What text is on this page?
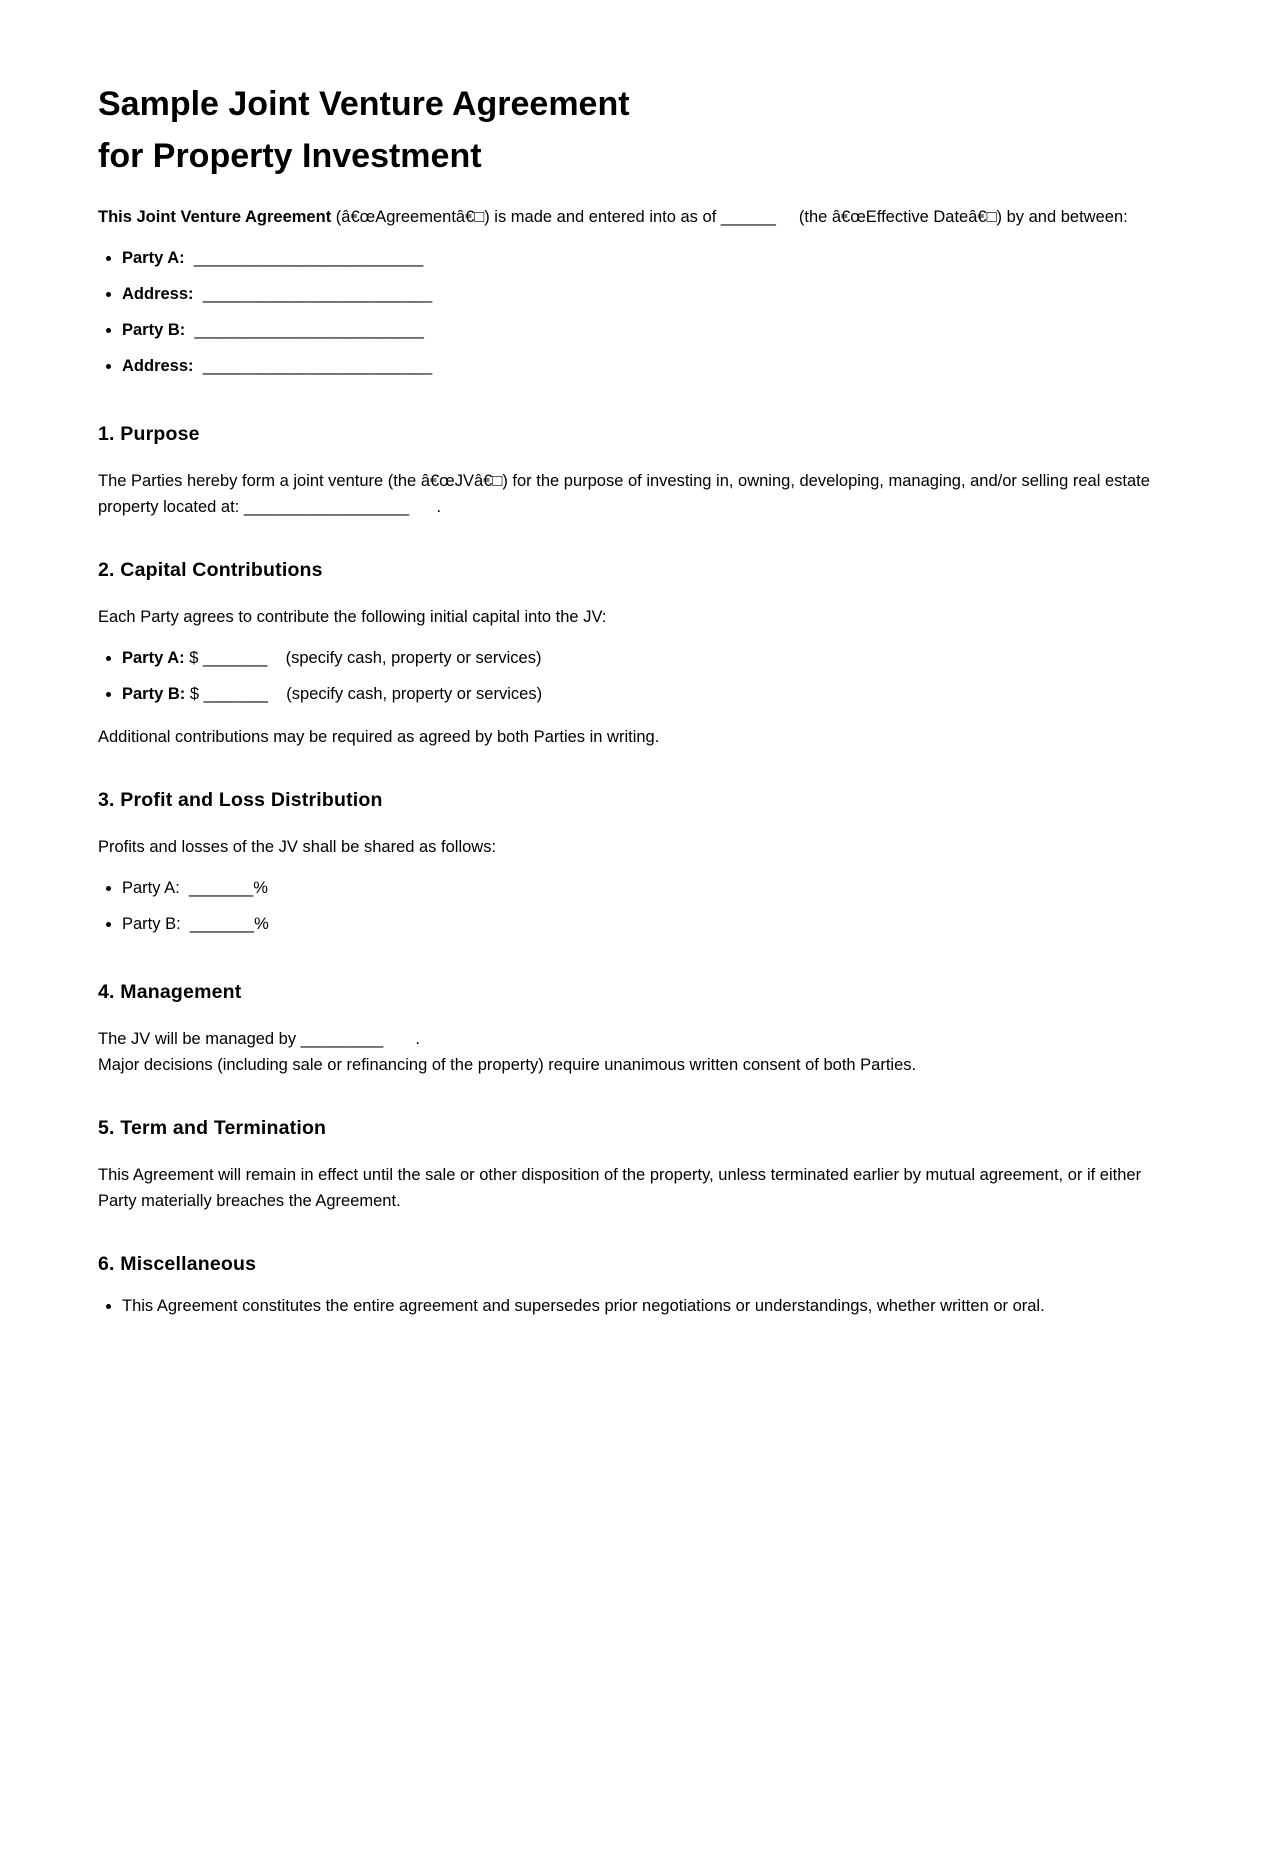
Sample Joint Venture Agreement
for Property Investment

This Joint Venture Agreement (â€œAgreementâ€□) is made and entered into as of ______ (the â€œEffective Dateâ€□) by and between:

• Party A: _________________________
• Address: _________________________
• Party B: _________________________
• Address: _________________________
1. Purpose

The Parties hereby form a joint venture (the â€œJVâ€□) for the purpose of investing in, owning, developing, managing, and/or selling real estate property located at: __________________ .

2. Capital Contributions

Each Party agrees to contribute the following initial capital into the JV:

• Party A: $ _______ (specify cash, property or services)
• Party B: $ _______ (specify cash, property or services)

Additional contributions may be required as agreed by both Parties in writing.

3. Profit and Loss Distribution

Profits and losses of the JV shall be shared as follows:

• Party A: _______%
• Party B: _______%
4. Management

The JV will be managed by _________ .

Major decisions (including sale or refinancing of the property) require unanimous written consent of both Parties.

5. Term and Termination

This Agreement will remain in effect until the sale or other disposition of the property, unless terminated earlier by mutual agreement, or if either Party materially breaches the Agreement.

6. Miscellaneous
• This Agreement constitutes the entire agreement and supersedes prior negotiations or understandings, whether written or oral.
